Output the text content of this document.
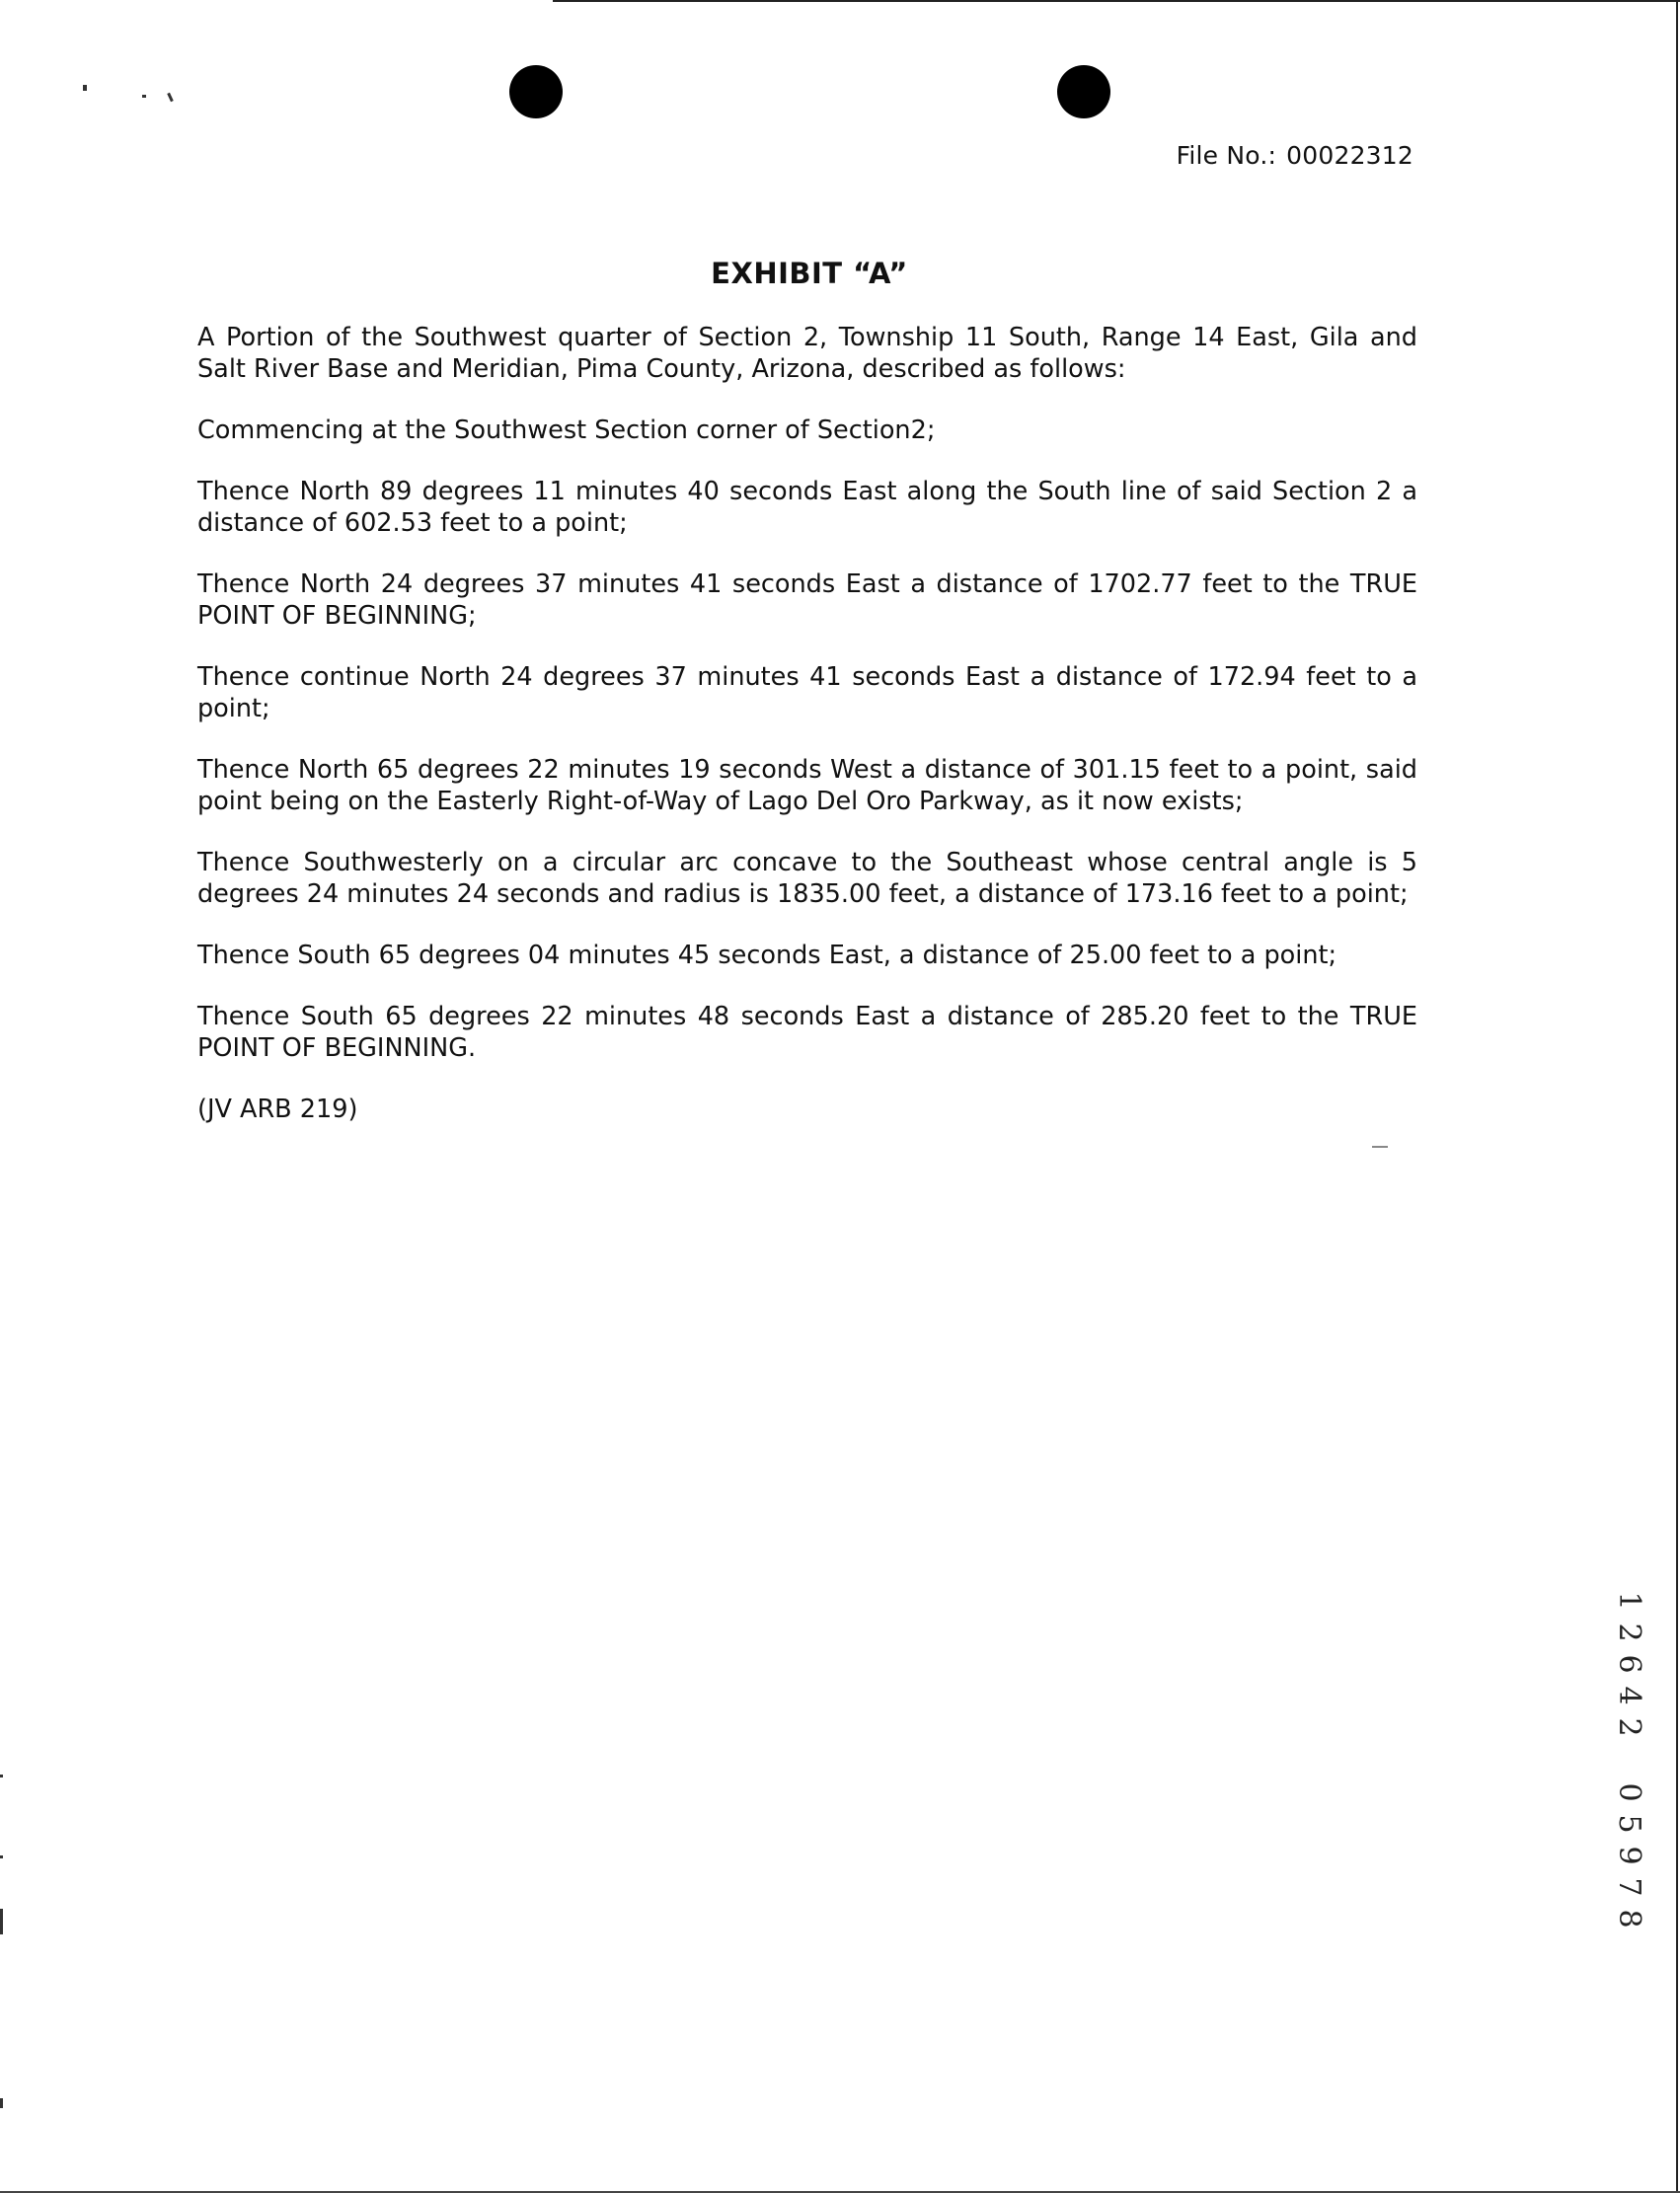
File No.: 00022312
EXHIBIT “A”

A Portion of the Southwest quarter of Section 2, Township 11 South, Range 14 East, Gila and Salt River Base and Meridian, Pima County, Arizona, described as follows:

Commencing at the Southwest Section corner of Section2;

Thence North 89 degrees 11 minutes 40 seconds East along the South line of said Section 2 a distance of 602.53 feet to a point;

Thence North 24 degrees 37 minutes 41 seconds East a distance of 1702.77 feet to the TRUE POINT OF BEGINNING;

Thence continue North 24 degrees 37 minutes 41 seconds East a distance of 172.94 feet to a point;

Thence North 65 degrees 22 minutes 19 seconds West a distance of 301.15 feet to a point, said point being on the Easterly Right-of-Way of Lago Del Oro Parkway, as it now exists;

Thence Southwesterly on a circular arc concave to the Southeast whose central angle is 5 degrees 24 minutes 24 seconds and radius is 1835.00 feet, a distance of 173.16 feet to a point;

Thence South 65 degrees 04 minutes 45 seconds East, a distance of 25.00 feet to a point;

Thence South 65 degrees 22 minutes 48 seconds East a distance of 285.20 feet to the TRUE POINT OF BEGINNING.

(JV ARB 219)

1
2
6
4
2
0
5
9
7
8
